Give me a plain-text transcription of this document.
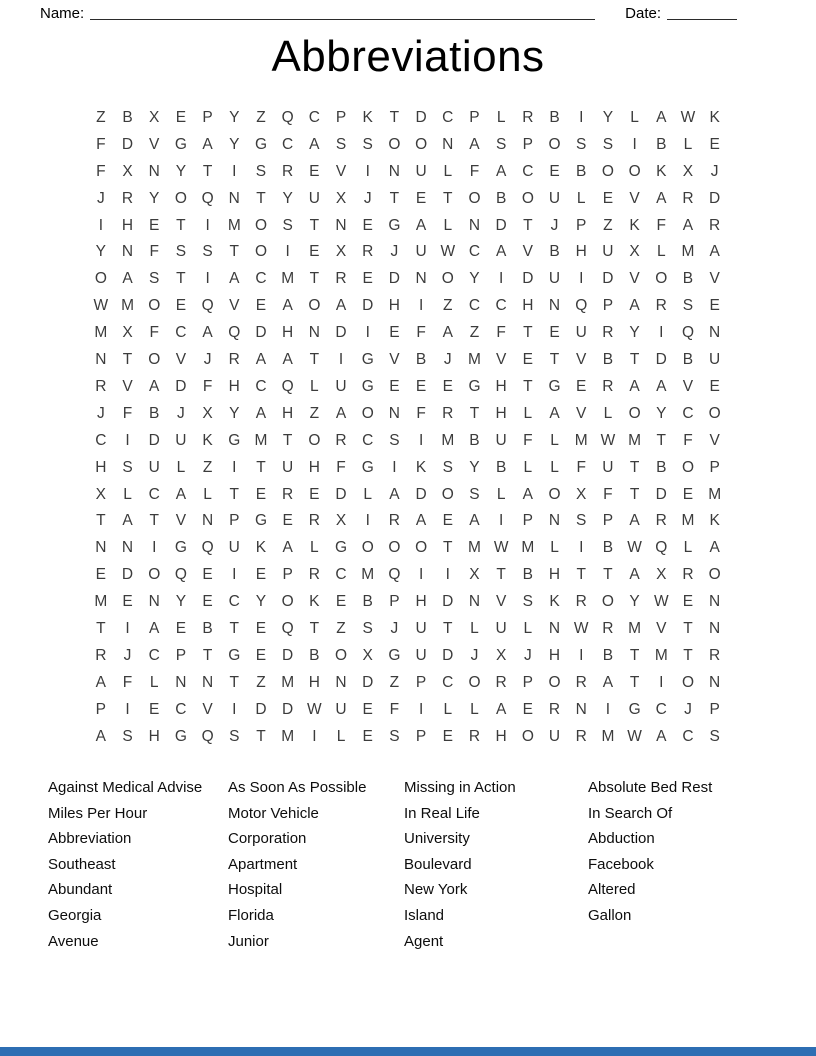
Name:	Date:
Abbreviations
Z	B	X	E	P	Y	Z	Q C	P	K	T	D C	P	L	R	B	I	Y	L	A W K
F	D	V G A	Y G C	A	S	S O O N	A	S	P O S	S	I	B	L	E
F	X	N	Y	T	I	S	R	E	V	I	N U	L	F	A	C	E	B O O K	X	J
J	R	Y O Q N	T	Y	U	X	J	T	E	T	O B O U	L	E	V	A	R D
I	H	E	T	I	M O S	T	N	E G A	L	N D	T	J	P	Z	K	F	A	R
Y	N	F	S	S	T	O	I	E	X	R	J	U W C	A	V	B	H U	X	L	M A
O A	S	T	I	A	C M	T	R	E	D N O Y	I	D U	I	D	V O B	V
W M O E Q V	E	A O A	D H	I	Z	C C H N Q P	A	R	S	E
M X	F	C	A Q D H N D	I	E	F	A	Z	F	T	E	U R	Y	I	Q N
N	T	O V	J	R	A	A	T	I	G V	B	J	M V	E	T	V	B	T	D	B	U
R	V	A	D	F	H C Q	L	U G E	E	E G H	T	G E	R	A	A	V	E
J	F	B	J	X	Y	A	H	Z	A O N	F	R	T	H	L	A	V	L	O Y	C O
C	I	D U	K G M	T	O R C	S	I	M B	U	F	L	M W M	T	F	V
H	S	U	L	Z	I	T	U H	F	G	I	K	S	Y	B	L	L	F	U	T	B O P
X	L	C	A	L	T	E	R	E	D	L	A	D O S	L	A O X	F	T	D	E M
T	A	T	V	N	P G E	R	X	I	R	A	E	A	I	P	N	S	P	A	R M K
N N	I	G Q U	K	A	L	G O O O	T M W M	L	I	B W Q	L	A
E	D O Q E	I	E	P	R C M Q	I	I	X	T	B	H	T	T	A	X	R O
M E	N	Y	E	C	Y O K	E	B	P	H D N	V	S	K	R O Y W E	N
T	I	A	E	B	T	E Q	T	Z	S	J	U	T	L	U	L	N W R M V	T	N
R	J	C	P	T	G E	D	B O X G U D	J	X	J	H	I	B	T M	T	R
A	F	L	N N	T	Z M H N D	Z	P	C O R	P O R	A	T	I	O N
P	I	E	C	V	I	D D W U	E	F	I	L	L	A	E	R N	I	G C	J	P
A	S	H G Q S	T M	I	L	E	S	P	E	R H O U R M W A	C	S
Against Medical Advise
Miles Per Hour
Abbreviation
Southeast
Abundant
Georgia
Avenue
As Soon As Possible
Motor Vehicle
Corporation
Apartment
Hospital
Florida
Junior
Missing in Action
In Real Life
University
Boulevard
New York
Island
Agent
Absolute Bed Rest
In Search Of
Abduction
Facebook
Altered
Gallon
